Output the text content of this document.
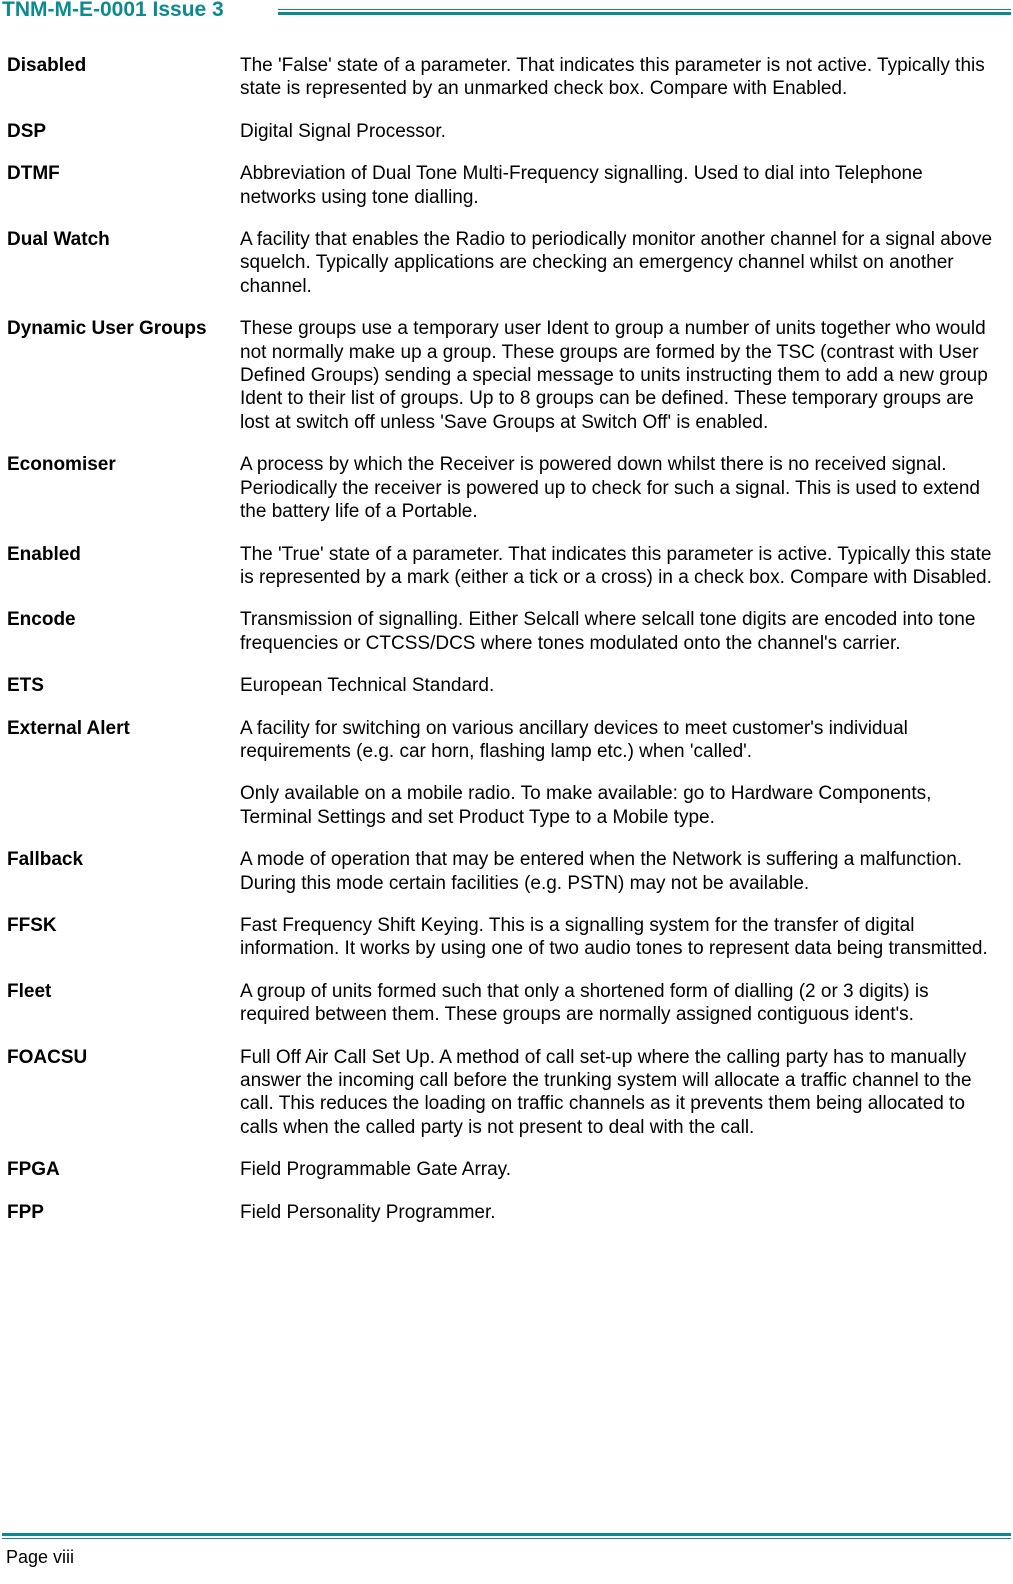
TNM-M-E-0001 Issue 3
Disabled	The 'False' state of a parameter. That indicates this parameter is not active. Typically this state is represented by an unmarked check box. Compare with Enabled.

DSP	Digital Signal Processor.

DTMF	Abbreviation of Dual Tone Multi-Frequency signalling. Used to dial into Telephone networks using tone dialling.

Dual Watch	A facility that enables the Radio to periodically monitor another channel for a signal above squelch. Typically applications are checking an emergency channel whilst on another channel.

Dynamic User Groups	These groups use a temporary user Ident to group a number of units together who would not normally make up a group. These groups are formed by the TSC (contrast with User Defined Groups) sending a special message to units instructing them to add a new group Ident to their list of groups. Up to 8 groups can be defined. These temporary groups are lost at switch off unless 'Save Groups at Switch Off' is enabled.

Economiser	A process by which the Receiver is powered down whilst there is no received signal. Periodically the receiver is powered up to check for such a signal. This is used to extend the battery life of a Portable.

Enabled	The 'True' state of a parameter. That indicates this parameter is active. Typically this state is represented by a mark (either a tick or a cross) in a check box. Compare with Disabled.

Encode	Transmission of signalling. Either Selcall where selcall tone digits are encoded into tone frequencies or CTCSS/DCS where tones modulated onto the channel's carrier.

ETS	European Technical Standard.

External Alert	A facility for switching on various ancillary devices to meet customer's individual requirements (e.g. car horn, flashing lamp etc.) when 'called'.

Only available on a mobile radio. To make available: go to Hardware Components, Terminal Settings and set Product Type to a Mobile type.

Fallback	A mode of operation that may be entered when the Network is suffering a malfunction. During this mode certain facilities (e.g. PSTN) may not be available.

FFSK	Fast Frequency Shift Keying. This is a signalling system for the transfer of digital information. It works by using one of two audio tones to represent data being transmitted.

Fleet	A group of units formed such that only a shortened form of dialling (2 or 3 digits) is required between them. These groups are normally assigned contiguous ident's.

FOACSU	Full Off Air Call Set Up. A method of call set-up where the calling party has to manually answer the incoming call before the trunking system will allocate a traffic channel to the call. This reduces the loading on traffic channels as it prevents them being allocated to calls when the called party is not present to deal with the call.

FPGA	Field Programmable Gate Array.

FPP	Field Personality Programmer.

Page viii
